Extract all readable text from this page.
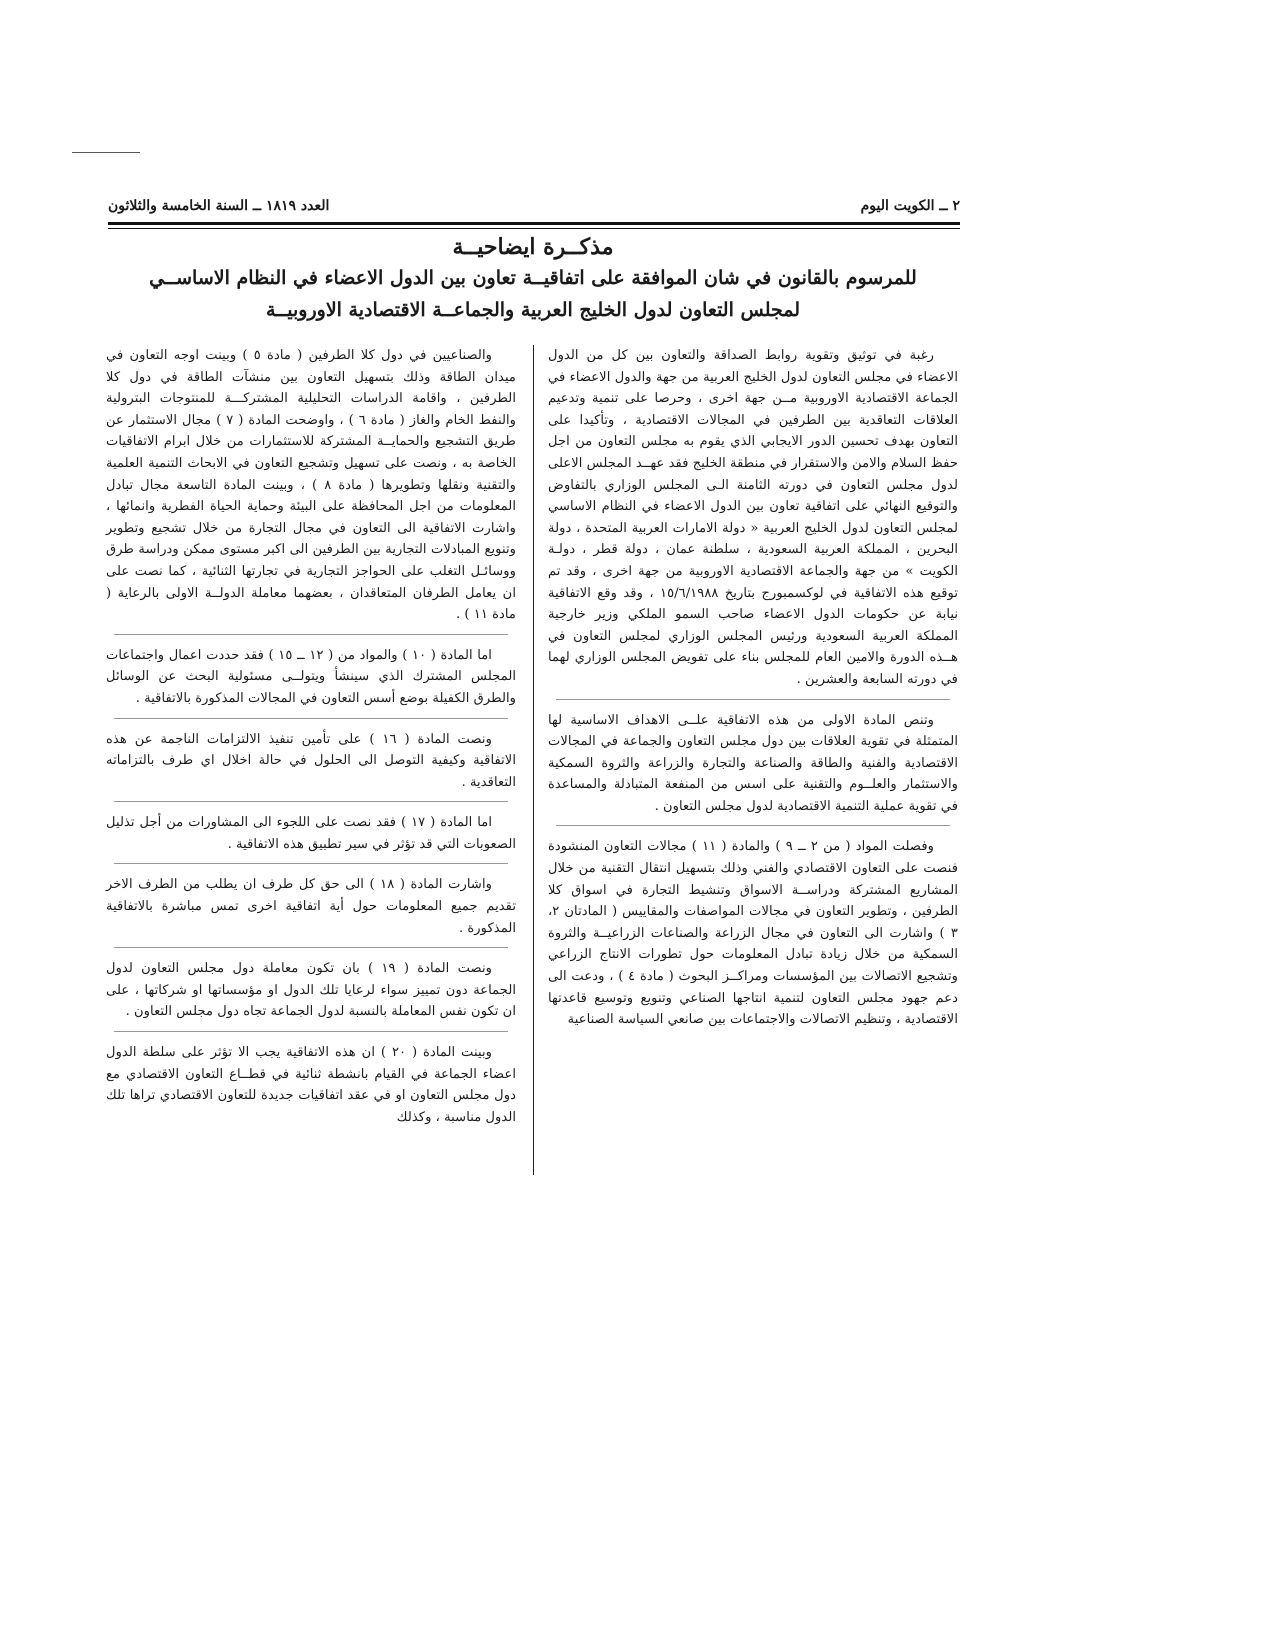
٢ ــ الكويت اليوم
العدد ١٨١٩ ــ السنة الخامسة والثلاثون
مذكــرة ايضاحيــة

للمرسوم بالقانون في شان الموافقة على اتفاقيــة تعاون بين الدول الاعضاء في النظام الاساســي

لمجلس التعاون لدول الخليج العربية والجماعــة الاقتصادية الاوروبيــة

رغبة في توثيق وتقوية روابط الصداقة والتعاون بين كل من الدول الاعضاء في مجلس التعاون لدول الخليج العربية من جهة والدول الاعضاء في الجماعة الاقتصادية الاوروبية مــن جهة اخرى ، وحرصا على تنمية وتدعيم العلاقات التعاقدية بين الطرفين في المجالات الاقتصادية ، وتأكيدا على التعاون بهدف تحسين الدور الايجابي الذي يقوم به مجلس التعاون من اجل حفظ السلام والامن والاستقرار في منطقة الخليج فقد عهــد المجلس الاعلى لدول مجلس التعاون في دورته الثامنة الـى المجلس الوزاري بالتفاوض والتوقيع النهائي على اتفاقية تعاون بين الدول الاعضاء في النظام الاساسي لمجلس التعاون لدول الخليج العربية « دولة الامارات العربية المتحدة ، دولة البحرين ، المملكة العربية السعودية ، سلطنة عمان ، دولة قطر ، دولـة الكويت » من جهة والجماعة الاقتصادية الاوروبية من جهة اخرى ، وقد تم توقيع هذه الاتفاقية في لوكسمبورج بتاريخ ١٥/٦/١٩٨٨ ، وقد وقع الاتفاقية نيابة عن حكومات الدول الاعضاء صاحب السمو الملكي وزير خارجية المملكة العربية السعودية ورئيس المجلس الوزاري لمجلس التعاون في هــذه الدورة والامين العام للمجلس بناء على تفويض المجلس الوزاري لهما في دورته السابعة والعشرين .

وتنص المادة الاولى من هذه الاتفاقية علــى الاهداف الاساسية لها المتمثلة في تقوية العلاقات بين دول مجلس التعاون والجماعة في المجالات الاقتصادية والفنية والطاقة والصناعة والتجارة والزراعة والثروة السمكية والاستثمار والعلــوم والتقنية على اسس من المنفعة المتبادلة والمساعدة في تقوية عملية التنمية الاقتصادية لدول مجلس التعاون .

وفصلت المواد ( من ٢ ــ ٩ ) والمادة ( ١١ ) مجالات التعاون المنشودة فنصت على التعاون الاقتصادي والفني وذلك بتسهيل انتقال التقنية من خلال المشاريع المشتركة ودراســة الاسواق وتنشيط التجارة في اسواق كلا الطرفين ، وتطوير التعاون في مجالات المواصفات والمقاييس ( المادتان ٢، ٣ ) واشارت الى التعاون في مجال الزراعة والصناعات الزراعيــة والثروة السمكية من خلال زيادة تبادل المعلومات حول تطورات الانتاج الزراعي وتشجيع الاتصالات بين المؤسسات ومراكــز البحوث ( مادة ٤ ) ، ودعت الى دعم جهود مجلس التعاون لتنمية انتاجها الصناعي وتنويع وتوسيع قاعدتها الاقتصادية ، وتنظيم الاتصالات والاجتماعات بين صانعي السياسة الصناعية

والصناعيين في دول كلا الطرفين ( مادة ٥ ) وبينت اوجه التعاون في ميدان الطاقة وذلك بتسهيل التعاون بين منشآت الطاقة في دول كلا الطرفين ، واقامة الدراسات التحليلية المشتركـــة للمنتوجات البترولية والنفط الخام والغاز ( مادة ٦ ) ، واوضحت المادة ( ٧ ) مجال الاستثمار عن طريق التشجيع والحمايــة المشتركة للاستثمارات من خلال ابرام الاتفاقيات الخاصة به ، ونصت على تسهيل وتشجيع التعاون في الابحاث التنمية العلمية والتقنية ونقلها وتطويرها ( مادة ٨ ) ، وبينت المادة التاسعة مجال تبادل المعلومات من اجل المحافظة على البيئة وحماية الحياة الفطرية وانمائها ، واشارت الاتفاقية الى التعاون في مجال التجارة من خلال تشجيع وتطوير وتنويع المبادلات التجارية بين الطرفين الى اكبر مستوى ممكن ودراسة طرق ووسائـل التغلب على الحواجز التجارية في تجارتها الثنائية ، كما نصت على ان يعامل الطرفان المتعاقدان ، بعضهما معاملة الدولــة الاولى بالرعاية ( مادة ١١ ) .

اما المادة ( ١٠ ) والمواد من ( ١٢ ــ ١٥ ) فقد حددت اعمال واجتماعات المجلس المشترك الذي سينشأ ويتولــى مسئولية البحث عن الوسائل والطرق الكفيلة بوضع أسس التعاون في المجالات المذكورة بالاتفاقية .

ونصت المادة ( ١٦ ) على تأمين تنفيذ الالتزامات الناجمة عن هذه الاتفاقية وكيفية التوصل الى الحلول في حالة اخلال اي طرف بالتزاماته التعاقدية .

اما المادة ( ١٧ ) فقد نصت على اللجوء الى المشاورات من أجل تذليل الصعوبات التي قد تؤثر في سير تطبيق هذه الاتفاقية .

واشارت المادة ( ١٨ ) الى حق كل طرف ان يطلب من الطرف الاخر تقديم جميع المعلومات حول أية اتفاقية اخرى تمس مباشرة بالاتفاقية المذكورة .

ونصت المادة ( ١٩ ) بان تكون معاملة دول مجلس التعاون لدول الجماعة دون تمييز سواء لرعايا تلك الدول او مؤسساتها او شركاتها ، على ان تكون نفس المعاملة بالنسبة لدول الجماعة تجاه دول مجلس التعاون .

وبينت المادة ( ٢٠ ) ان هذه الاتفاقية يجب الا تؤثر على سلطة الدول اعضاء الجماعة في القيام بانشطة ثنائية في قطــاع التعاون الاقتصادي مع دول مجلس التعاون او في عقد اتفاقيات جديدة للتعاون الاقتصادي تراها تلك الدول مناسبة ، وكذلك
